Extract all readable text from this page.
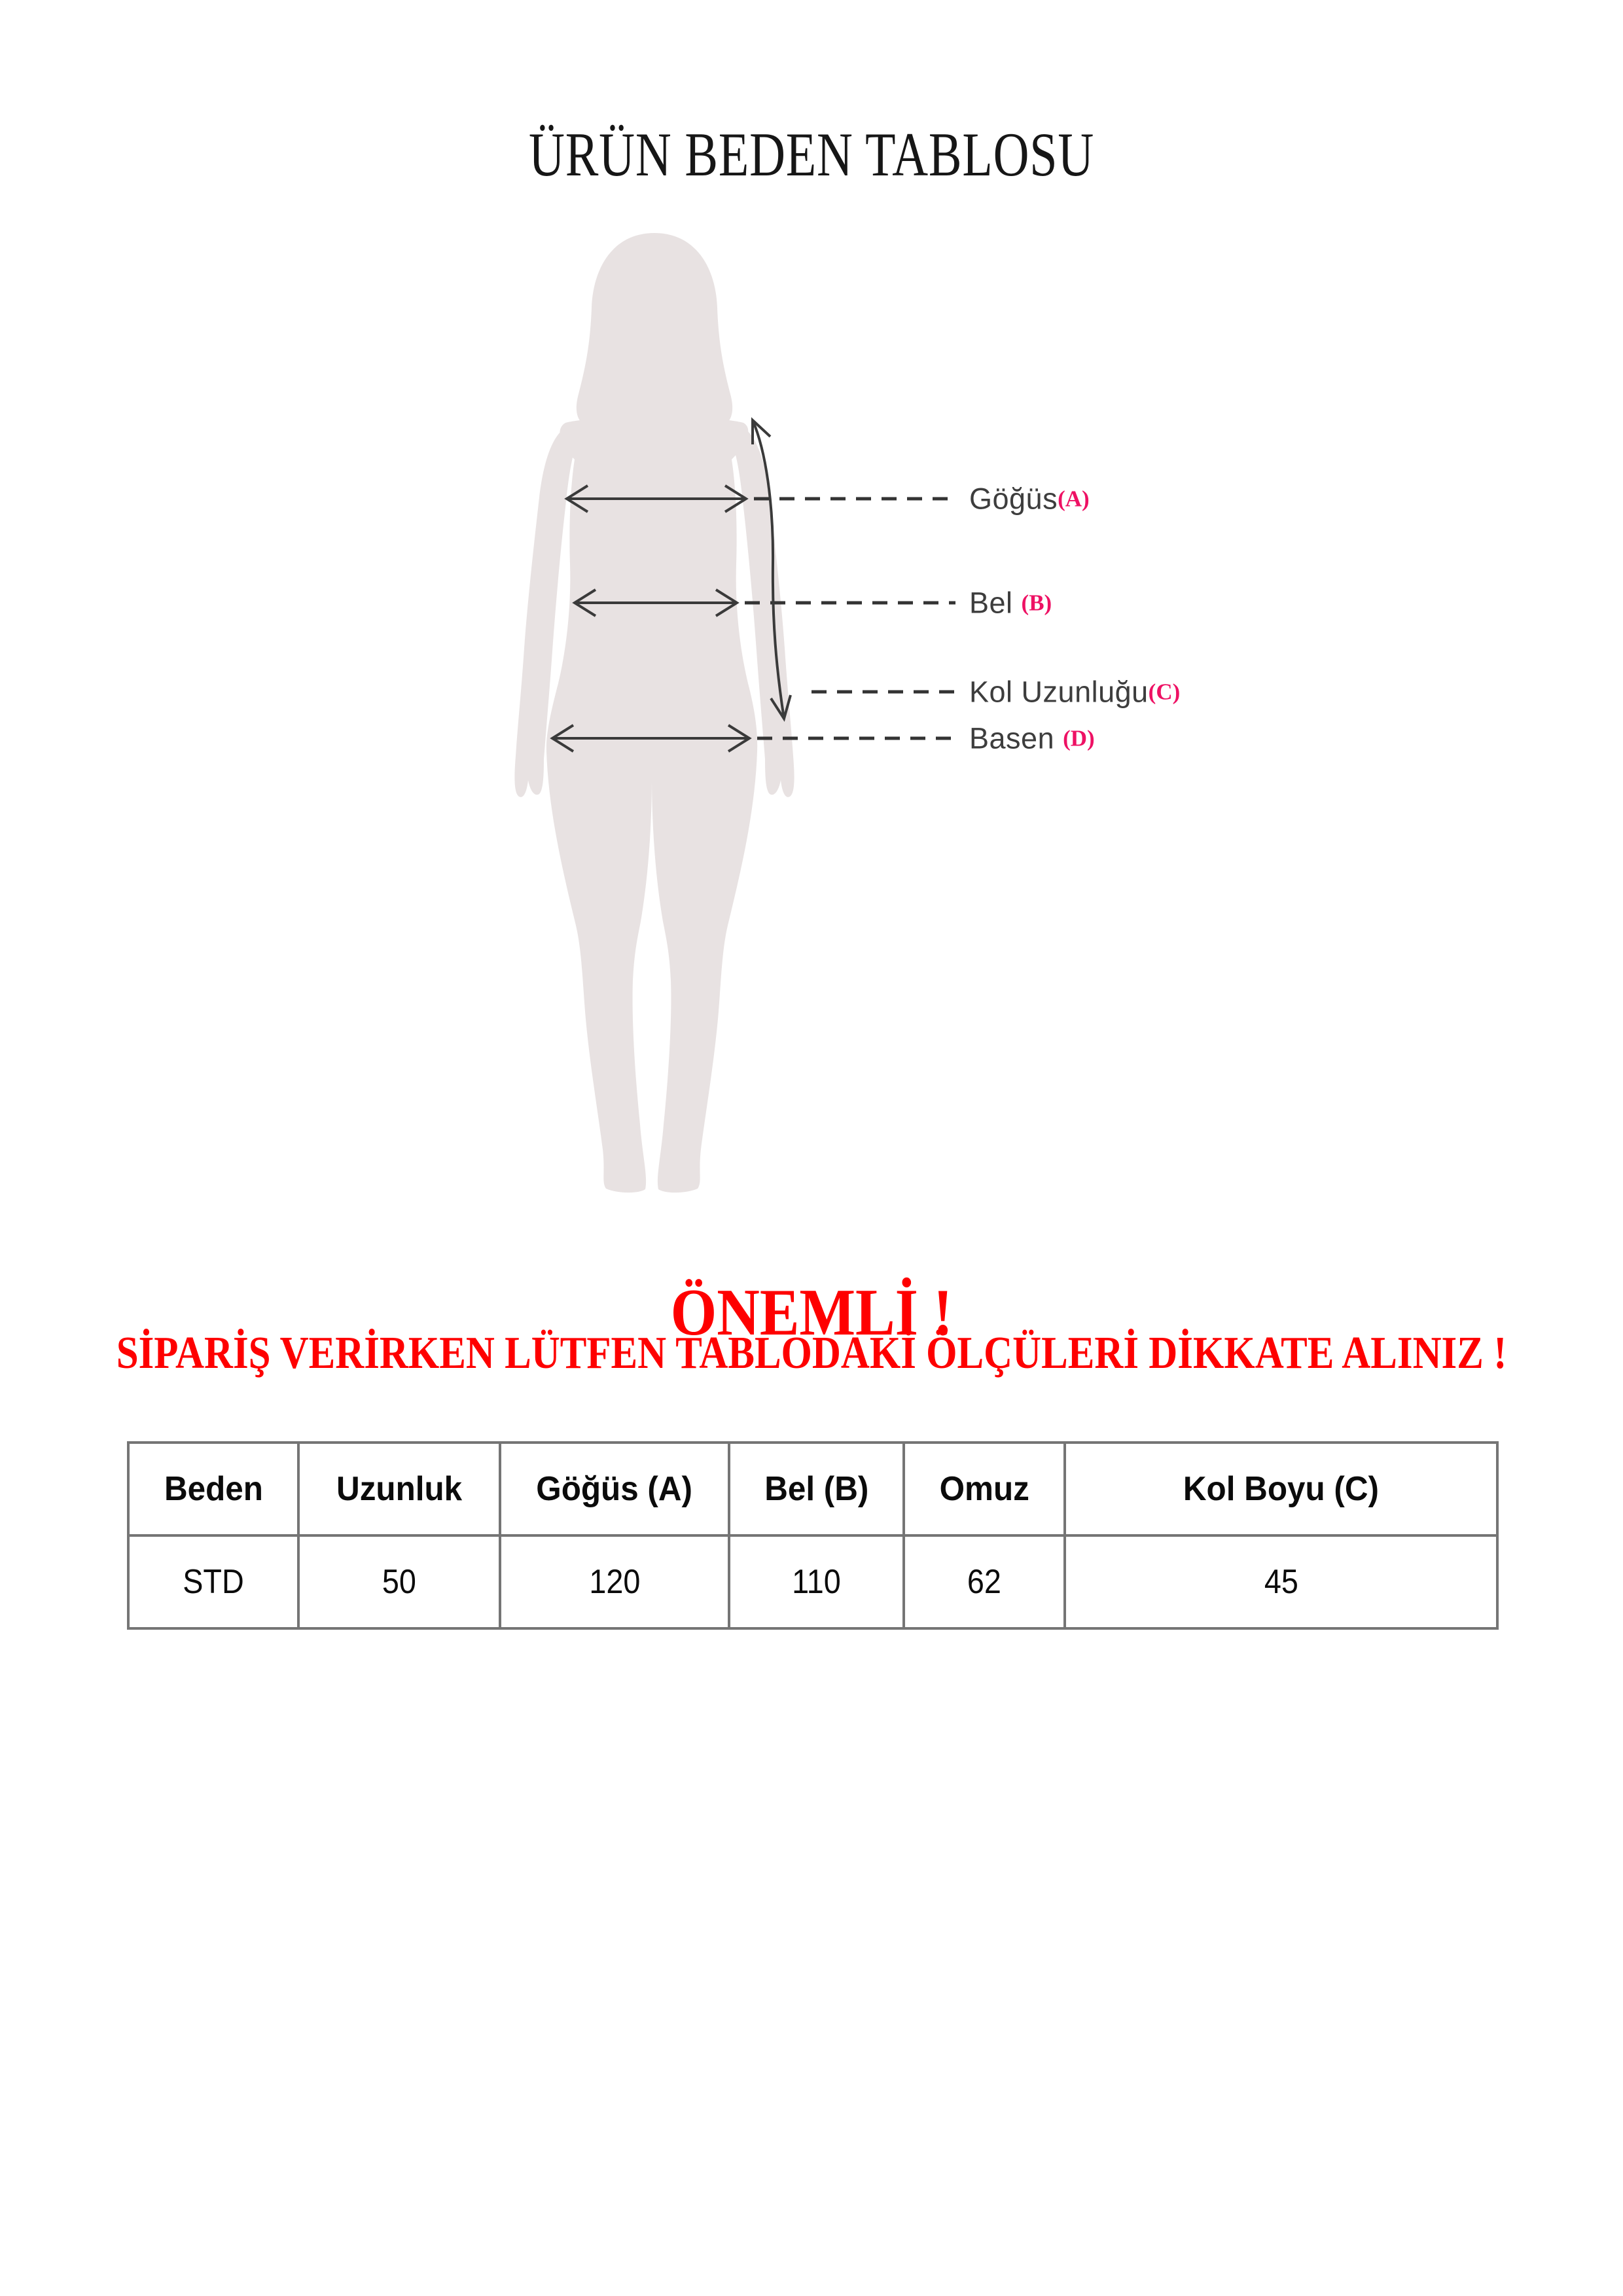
ÜRÜN BEDEN TABLOSU
Göğüs(A)
Bel (B)
Kol Uzunluğu(C)
Basen (D)
ÖNEMLİ !
SİPARİŞ VERİRKEN LÜTFEN TABLODAKİ ÖLÇÜLERİ DİKKATE ALINIZ !
Beden	Uzunluk	Göğüs (A)	Bel (B)	Omuz	Kol Boyu (C)
STD	50	120	110	62	45
